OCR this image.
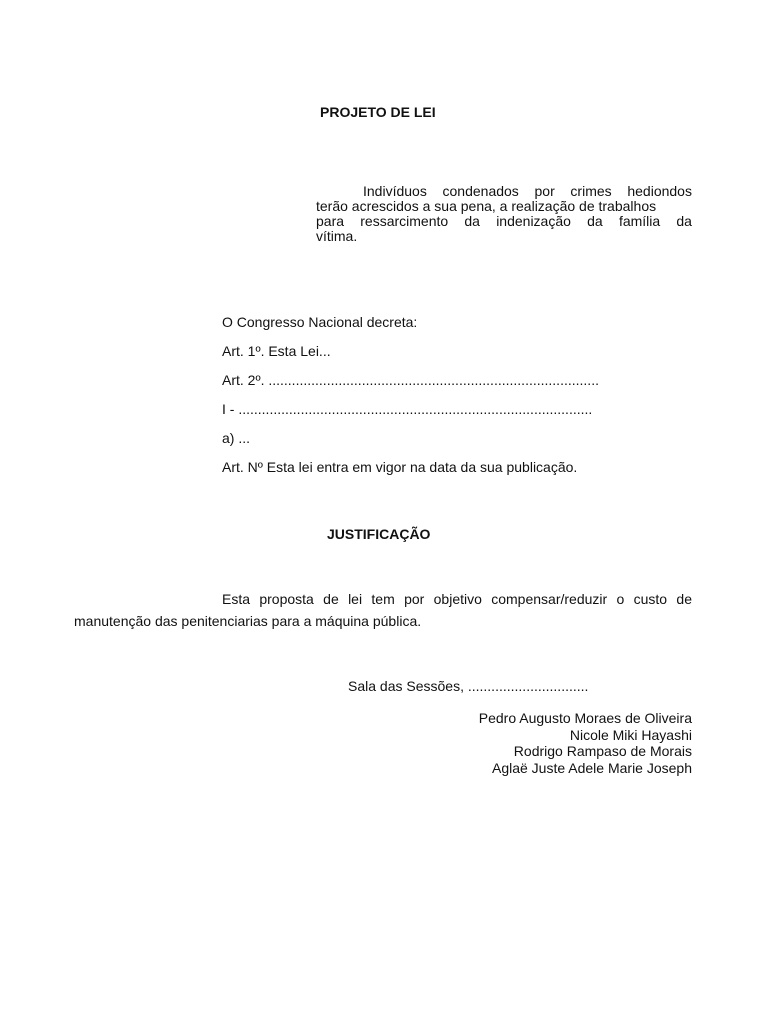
PROJETO DE LEI
Indivíduos condenados por crimes hediondos
terão acrescidos a sua pena, a realização de trabalhos
para ressarcimento da indenização da família da
vítima.
O Congresso Nacional decreta:
Art. 1º. Esta Lei...
Art. 2º. .....................................................................................
I - ...........................................................................................
a) ...
Art. Nº Esta lei entra em vigor na data da sua publicação.
JUSTIFICAÇÃO
Esta proposta de lei tem por objetivo compensar/reduzir o custo de
manutenção das penitenciarias para a máquina pública.
Sala das Sessões, ...............................
Pedro Augusto Moraes de Oliveira
Nicole Miki Hayashi
Rodrigo Rampaso de Morais
Aglaë Juste Adele Marie Joseph
